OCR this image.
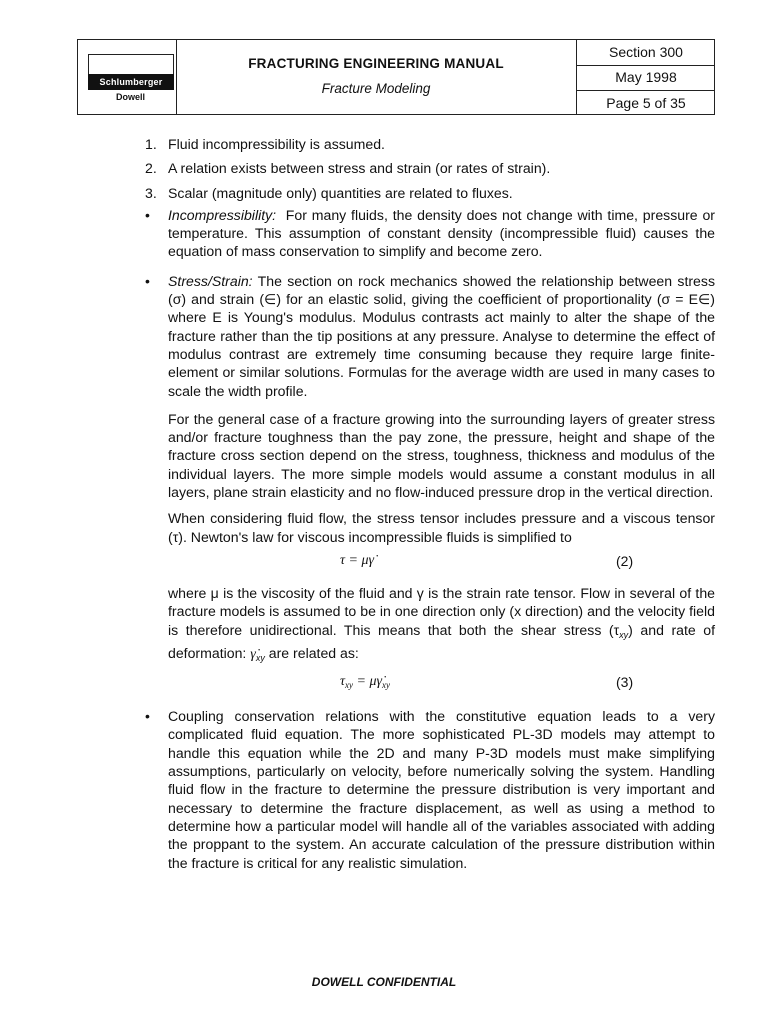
Schlumberger
Dowell
FRACTURING ENGINEERING MANUAL
Fracture Modeling
Section 300
May 1998
Page 5 of 35
1. Fluid incompressibility is assumed.
2. A relation exists between stress and strain (or rates of strain).
3. Scalar (magnitude only) quantities are related to fluxes.
•	Incompressibility: For many fluids, the density does not change with time, pressure or temperature. This assumption of constant density (incompressible fluid) causes the equation of mass conservation to simplify and become zero.
•	Stress/Strain: The section on rock mechanics showed the relationship between stress (σ) and strain (∈) for an elastic solid, giving the coefficient of proportionality (σ = E∈) where E is Young's modulus. Modulus contrasts act mainly to alter the shape of the fracture rather than the tip positions at any pressure. Analyse to determine the effect of modulus contrast are extremely time consuming because they require large finite-element or similar solutions. Formulas for the average width are used in many cases to scale the width profile.

For the general case of a fracture growing into the surrounding layers of greater stress and/or fracture toughness than the pay zone, the pressure, height and shape of the fracture cross section depend on the stress, toughness, thickness and modulus of the individual layers. The more simple models would assume a constant modulus in all layers, plane strain elasticity and no flow-induced pressure drop in the vertical direction.

When considering fluid flow, the stress tensor includes pressure and a viscous tensor (τ). Newton's law for viscous incompressible fluids is simplified to

τ = μγ̇	(2)

where μ is the viscosity of the fluid and γ is the strain rate tensor. Flow in several of the fracture models is assumed to be in one direction only (x direction) and the velocity field is therefore unidirectional. This means that both the shear stress $(\tau_{xy})$ and rate of deformation: $\gammȧ_{xy}$ are related as:

$\tau_{xy}$ = $\mu\gammȧ_{xy}$	(3)
•	Coupling conservation relations with the constitutive equation leads to a very complicated fluid equation. The more sophisticated PL-3D models may attempt to handle this equation while the 2D and many P-3D models must make simplifying assumptions, particularly on velocity, before numerically solving the system. Handling fluid flow in the fracture to determine the pressure distribution is very important and necessary to determine the fracture displacement, as well as using a method to determine how a particular model will handle all of the variables associated with adding the proppant to the system. An accurate calculation of the pressure distribution within the fracture is critical for any realistic simulation.
DOWELL CONFIDENTIAL
